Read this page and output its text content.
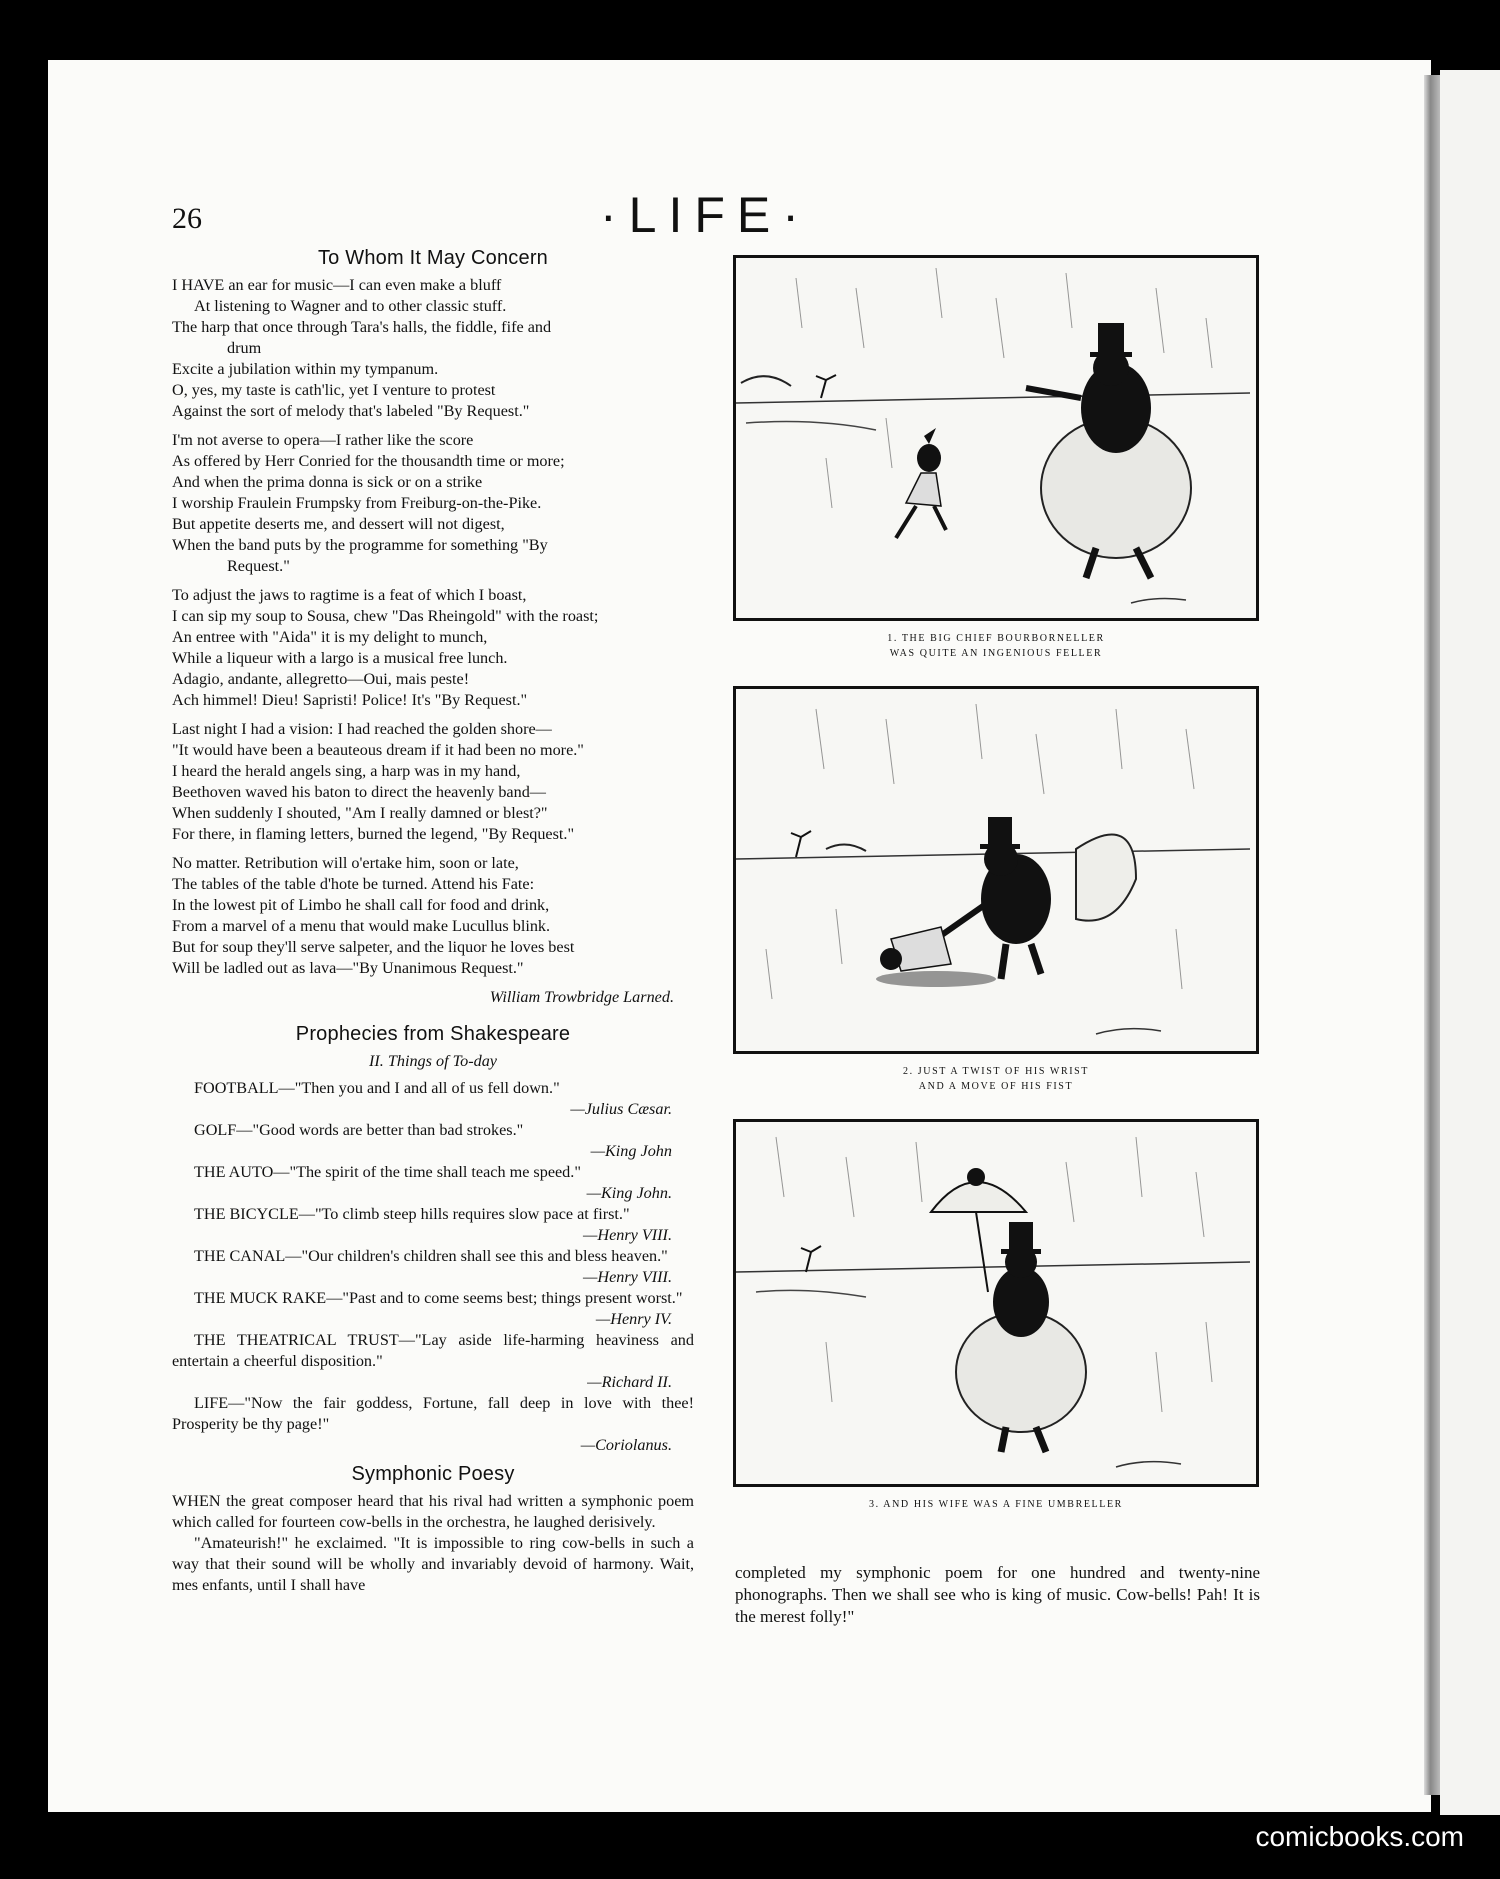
26	·LIFE·
To Whom It May Concern
I HAVE an ear for music—I can even make a bluff
At listening to Wagner and to other classic stuff.
The harp that once through Tara's halls, the fiddle, fife and
drum
Excite a jubilation within my tympanum.
O, yes, my taste is cath'lic, yet I venture to protest
Against the sort of melody that's labeled "By Request."
I'm not averse to opera—I rather like the score
As offered by Herr Conried for the thousandth time or more;
And when the prima donna is sick or on a strike
I worship Fraulein Frumpsky from Freiburg-on-the-Pike.
But appetite deserts me, and dessert will not digest,
When the band puts by the programme for something "By
Request."
To adjust the jaws to ragtime is a feat of which I boast,
I can sip my soup to Sousa, chew "Das Rheingold" with the roast;
An entree with "Aida" it is my delight to munch,
While a liqueur with a largo is a musical free lunch.
Adagio, andante, allegretto—Oui, mais peste!
Ach himmel! Dieu! Sapristi! Police! It's "By Request."
Last night I had a vision: I had reached the golden shore—
"It would have been a beauteous dream if it had been no more."
I heard the herald angels sing, a harp was in my hand,
Beethoven waved his baton to direct the heavenly band—
When suddenly I shouted, "Am I really damned or blest?"
For there, in flaming letters, burned the legend, "By Request."
No matter. Retribution will o'ertake him, soon or late,
The tables of the table d'hote be turned. Attend his Fate:
In the lowest pit of Limbo he shall call for food and drink,
From a marvel of a menu that would make Lucullus blink.
But for soup they'll serve salpeter, and the liquor he loves best
Will be ladled out as lava—"By Unanimous Request."
William Trowbridge Larned.
Prophecies from Shakespeare
II. Things of To-day
FOOTBALL—"Then you and I and all of us fell down."
—Julius Cæsar.
GOLF—"Good words are better than bad strokes."
—King John
THE AUTO—"The spirit of the time shall teach me speed."
—King John.
THE BICYCLE—"To climb steep hills requires slow pace at first."
—Henry VIII.
THE CANAL—"Our children's children shall see this and bless heaven."
—Henry VIII.
THE MUCK RAKE—"Past and to come seems best; things present worst."
—Henry IV.
THE THEATRICAL TRUST—"Lay aside life-harming heaviness and entertain a cheerful disposition."
—Richard II.
LIFE—"Now the fair goddess, Fortune, fall deep in love with thee! Prosperity be thy page!"
—Coriolanus.
Symphonic Poesy

WHEN the great composer heard that his rival had written a symphonic poem which called for fourteen cow-bells in the orchestra, he laughed derisively.

"Amateurish!" he exclaimed. "It is impossible to ring cow-bells in such a way that their sound will be wholly and invariably devoid of harmony. Wait, mes enfants, until I shall have

1. THE BIG CHIEF BOURBORNELLER
WAS QUITE AN INGENIOUS FELLER
2. JUST A TWIST OF HIS WRIST
AND A MOVE OF HIS FIST
3. AND HIS WIFE WAS A FINE UMBRELLER
completed my symphonic poem for one hundred and twenty-nine phonographs. Then we shall see who is king of music. Cow-bells! Pah! It is the merest folly!"
comicbooks.com
